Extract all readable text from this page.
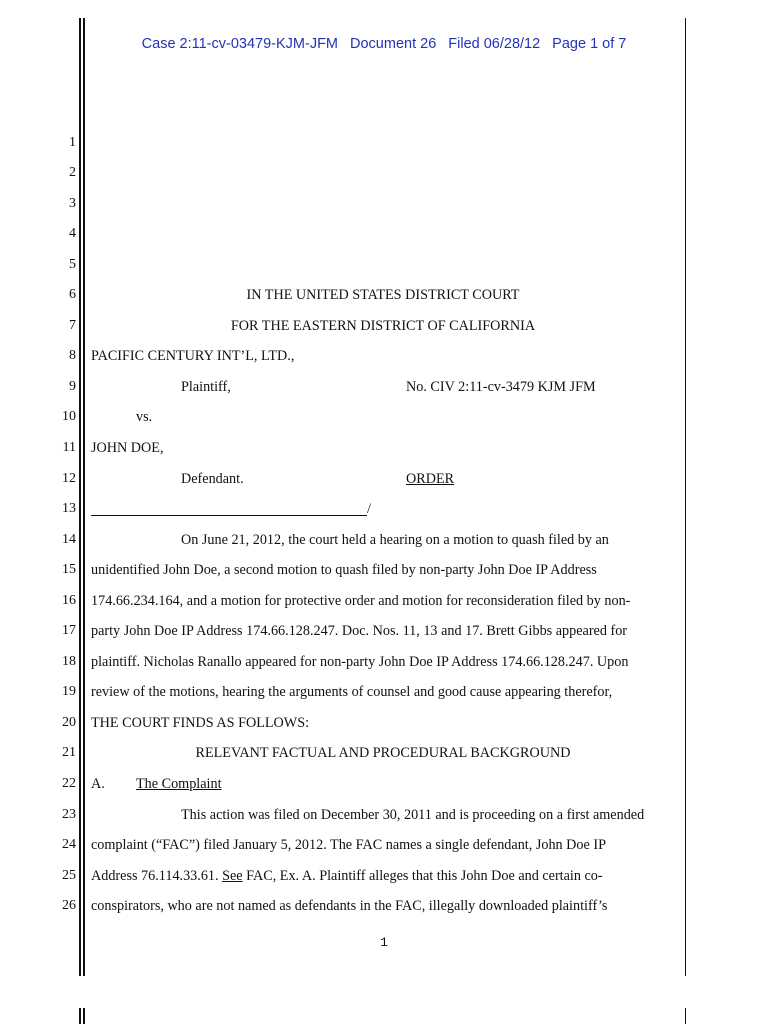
Case 2:11-cv-03479-KJM-JFM Document 26 Filed 06/28/12 Page 1 of 7
1
2
3
4
5
6
7
8
9
10
11
12
13
14
15
16
17
18
19
20
21
22
23
24
25
26
IN THE UNITED STATES DISTRICT COURT
FOR THE EASTERN DISTRICT OF CALIFORNIA
PACIFIC CENTURY INT’L, LTD.,
Plaintiff,	No. CIV 2:11-cv-3479 KJM JFM
vs.
JOHN DOE,
Defendant.	ORDER
/
On June 21, 2012, the court held a hearing on a motion to quash filed by an
unidentified John Doe, a second motion to quash filed by non-party John Doe IP Address
174.66.234.164, and a motion for protective order and motion for reconsideration filed by non-
party John Doe IP Address 174.66.128.247. Doc. Nos. 11, 13 and 17. Brett Gibbs appeared for
plaintiff. Nicholas Ranallo appeared for non-party John Doe IP Address 174.66.128.247. Upon
review of the motions, hearing the arguments of counsel and good cause appearing therefor,
THE COURT FINDS AS FOLLOWS:
RELEVANT FACTUAL AND PROCEDURAL BACKGROUND
A. The Complaint
This action was filed on December 30, 2011 and is proceeding on a first amended
complaint (“FAC”) filed January 5, 2012. The FAC names a single defendant, John Doe IP
Address 76.114.33.61. See FAC, Ex. A. Plaintiff alleges that this John Doe and certain co-
conspirators, who are not named as defendants in the FAC, illegally downloaded plaintiff’s
1
